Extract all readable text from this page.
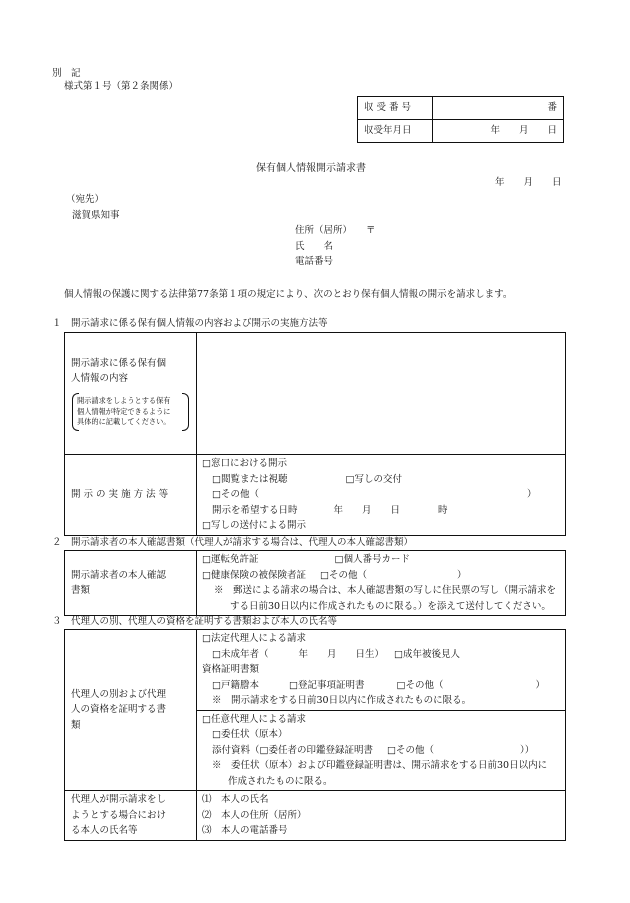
別　記
様式第１号（第２条関係）
収 受 番 号	番
収受年月日	年　　月　　日
保有個人情報開示請求書
年　　月　　日
（宛先）
滋賀県知事
住所（居所） 〒
氏　　名
電話番号
個人情報の保護に関する法律第77条第１項の規定により、次のとおり保有個人情報の開示を請求します。
１　開示請求に係る保有個人情報の内容および開示の実施方法等
開示請求に係る保有個
人情報の内容
開示請求をしようとする保有
個人情報が特定できるように
具体的に記載してください。	

開 示 の 実 施 方 法 等	□窓口における開示
□閲覧または視聴 □写しの交付
□その他（ ）
開示を希望する日時 年　　月　　日　　　　時
□写しの送付による開示
２　開示請求者の本人確認書類（代理人が請求する場合は、代理人の本人確認書類）
開示請求者の本人確認
書類

□運転免許証	□個人番号カード
□健康保険の被保険者証 □その他（	）
※　郵送による請求の場合は、本人確認書類の写しに住民票の写し（開示請求を
する日前30日以内に作成されたものに限る。）を添えて送付してください。
３　代理人の別、代理人の資格を証明する書類および本人の氏名等
代理人の別および代理
人の資格を証明する書
類	□法定代理人による請求
□未成年者（ 年　　月　　日生） □成年被後見人
資格証明書類
□戸籍謄本 □登記事項証明書 □その他（ ）
※　開示請求をする日前30日以内に作成されたものに限る。

	□任意代理人による請求
□委任状（原本）
添付資料（□委任者の印鑑登録証明書 □その他（ ））
※　委任状（原本）および印鑑登録証明書は、開示請求をする日前30日以内に
作成されたものに限る。

代理人が開示請求をし
ようとする場合におけ
る本人の氏名等	⑴　本人の氏名
⑵　本人の住所（居所）
⑶　本人の電話番号
